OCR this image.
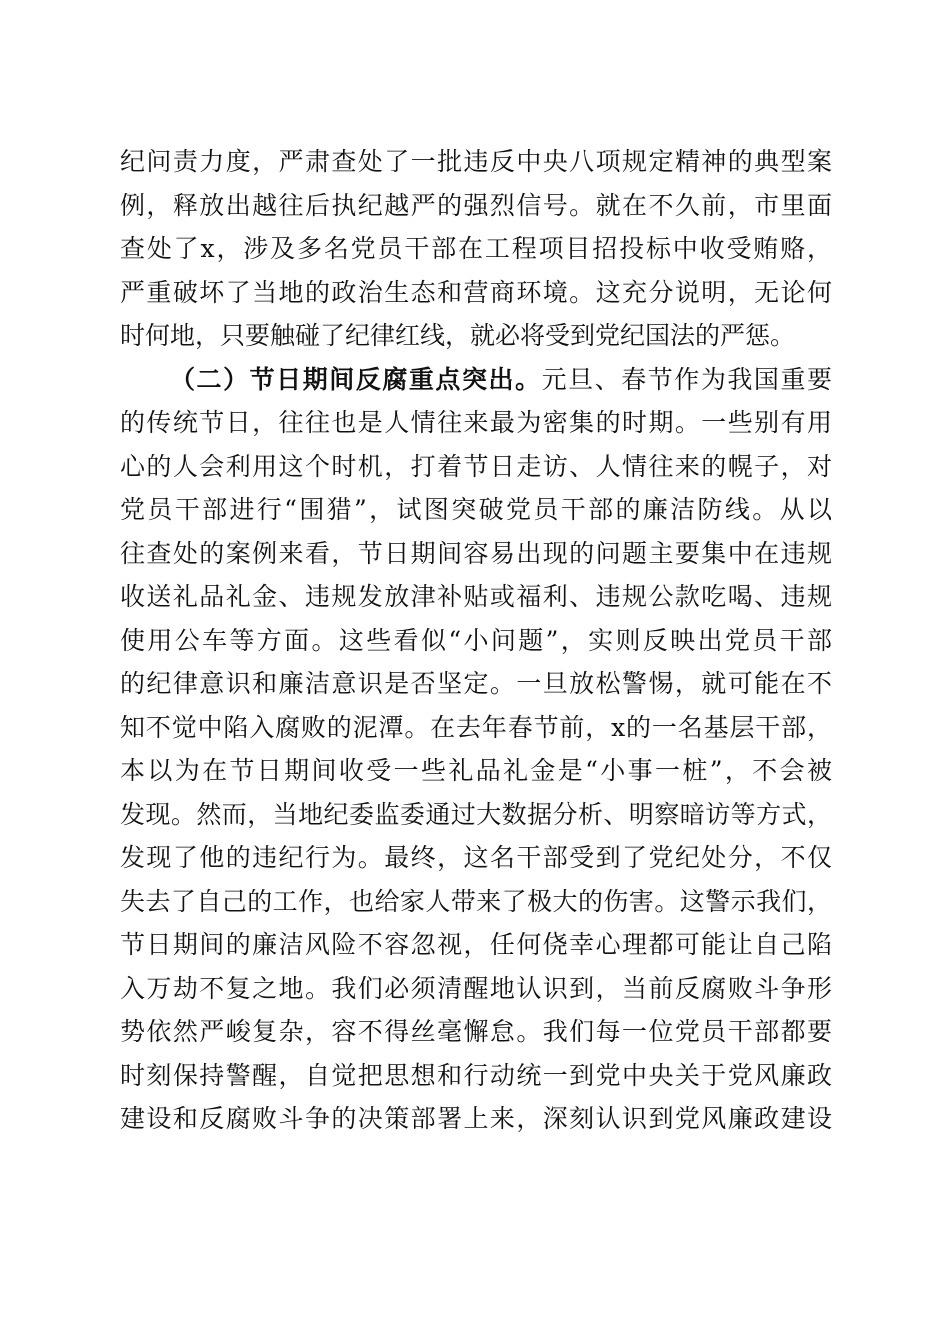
纪问责力度，严肃查处了一批违反中央八项规定精神的典型案
例，释放出越往后执纪越严的强烈信号。就在不久前，市里面
查处了x，涉及多名党员干部在工程项目招投标中收受贿赂，
严重破坏了当地的政治生态和营商环境。这充分说明，无论何
时何地，只要触碰了纪律红线，就必将受到党纪国法的严惩。
（二）节日期间反腐重点突出。元旦、春节作为我国重要
的传统节日，往往也是人情往来最为密集的时期。一些别有用
心的人会利用这个时机，打着节日走访、人情往来的幌子，对
党员干部进行“围猎”，试图突破党员干部的廉洁防线。从以
往查处的案例来看，节日期间容易出现的问题主要集中在违规
收送礼品礼金、违规发放津补贴或福利、违规公款吃喝、违规
使用公车等方面。这些看似“小问题”，实则反映出党员干部
的纪律意识和廉洁意识是否坚定。一旦放松警惕，就可能在不
知不觉中陷入腐败的泥潭。在去年春节前，x的一名基层干部，
本以为在节日期间收受一些礼品礼金是“小事一桩”，不会被
发现。然而，当地纪委监委通过大数据分析、明察暗访等方式，
发现了他的违纪行为。最终，这名干部受到了党纪处分，不仅
失去了自己的工作，也给家人带来了极大的伤害。这警示我们，
节日期间的廉洁风险不容忽视，任何侥幸心理都可能让自己陷
入万劫不复之地。我们必须清醒地认识到，当前反腐败斗争形
势依然严峻复杂，容不得丝毫懈怠。我们每一位党员干部都要
时刻保持警醒，自觉把思想和行动统一到党中央关于党风廉政
建设和反腐败斗争的决策部署上来，深刻认识到党风廉政建设
